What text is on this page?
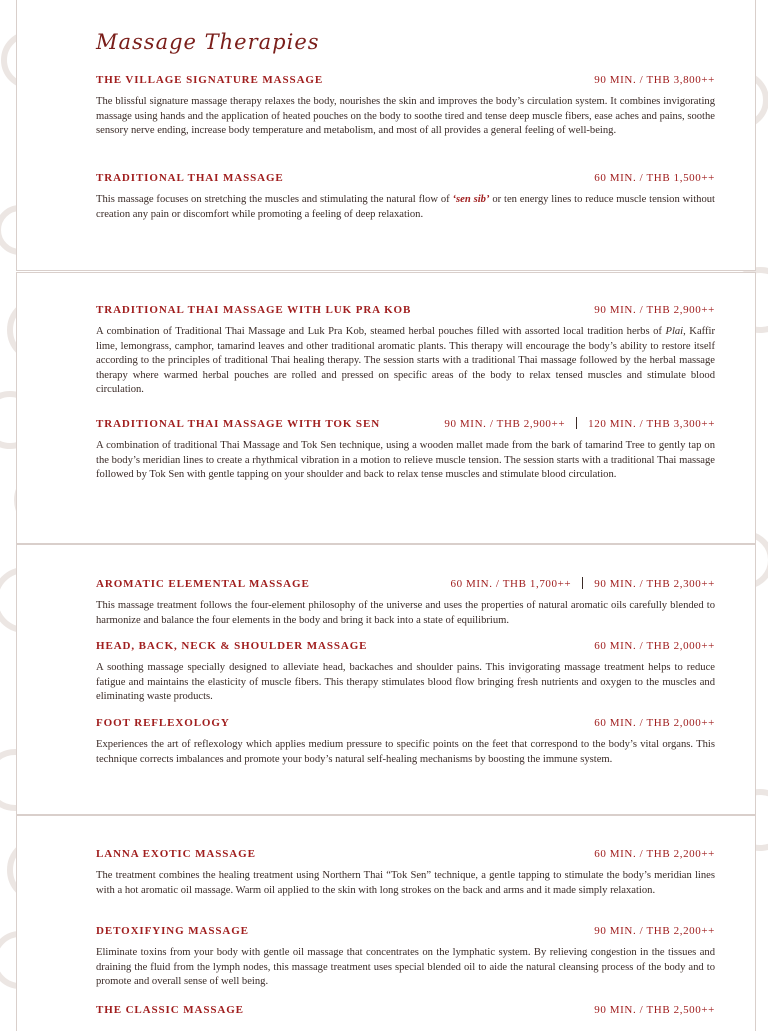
Massage Therapies
THE VILLAGE SIGNATURE MASSAGE	90 MIN. / THB 3,800++
The blissful signature massage therapy relaxes the body, nourishes the skin and improves the body’s circulation system. It combines invigorating massage using hands and the application of heated pouches on the body to soothe tired and tense deep muscle fibers, ease aches and pains, soothe sensory nerve ending, increase body temperature and metabolism, and most of all provides a general feeling of well-being.
TRADITIONAL THAI MASSAGE	60 MIN. / THB 1,500++
This massage focuses on stretching the muscles and stimulating the natural flow of ‘sen sib’ or ten energy lines to reduce muscle tension without creation any pain or discomfort while promoting a feeling of deep relaxation.
TRADITIONAL THAI MASSAGE WITH LUK PRA KOB	90 MIN. / THB 2,900++
A combination of Traditional Thai Massage and Luk Pra Kob, steamed herbal pouches filled with assorted local tradition herbs of Plai, Kaffir lime, lemongrass, camphor, tamarind leaves and other traditional aromatic plants. This therapy will encourage the body’s ability to restore itself according to the principles of traditional Thai healing therapy. The session starts with a traditional Thai massage followed by the herbal massage therapy where warmed herbal pouches are rolled and pressed on specific areas of the body to relax tensed muscles and stimulate blood circulation.
TRADITIONAL THAI MASSAGE WITH TOK SEN	90 MIN. / THB 2,900++ 120 MIN. / THB 3,300++
A combination of traditional Thai Massage and Tok Sen technique, using a wooden mallet made from the bark of tamarind Tree to gently tap on the body’s meridian lines to create a rhythmical vibration in a motion to relieve muscle tension. The session starts with a traditional Thai massage followed by Tok Sen with gentle tapping on your shoulder and back to relax tense muscles and stimulate blood circulation.
AROMATIC ELEMENTAL MASSAGE	60 MIN. / THB 1,700++ 90 MIN. / THB 2,300++
This massage treatment follows the four-element philosophy of the universe and uses the properties of natural aromatic oils carefully blended to harmonize and balance the four elements in the body and bring it back into a state of equilibrium.
HEAD, BACK, NECK & SHOULDER MASSAGE	60 MIN. / THB 2,000++
A soothing massage specially designed to alleviate head, backaches and shoulder pains. This invigorating massage treatment helps to reduce fatigue and maintains the elasticity of muscle fibers. This therapy stimulates blood flow bringing fresh nutrients and oxygen to the muscles and eliminating waste products.
FOOT REFLEXOLOGY	60 MIN. / THB 2,000++
Experiences the art of reflexology which applies medium pressure to specific points on the feet that correspond to the body’s vital organs. This technique corrects imbalances and promote your body’s natural self-healing mechanisms by boosting the immune system.
LANNA EXOTIC MASSAGE	60 MIN. / THB 2,200++
The treatment combines the healing treatment using Northern Thai “Tok Sen” technique, a gentle tapping to stimulate the body’s meridian lines with a hot aromatic oil massage. Warm oil applied to the skin with long strokes on the back and arms and it made simply relaxation.
DETOXIFYING MASSAGE	90 MIN. / THB 2,200++
Eliminate toxins from your body with gentle oil massage that concentrates on the lymphatic system. By relieving congestion in the tissues and draining the fluid from the lymph nodes, this massage treatment uses special blended oil to aide the natural cleansing process of the body and to promote and overall sense of well being.
THE CLASSIC MASSAGE	90 MIN. / THB 2,500++
